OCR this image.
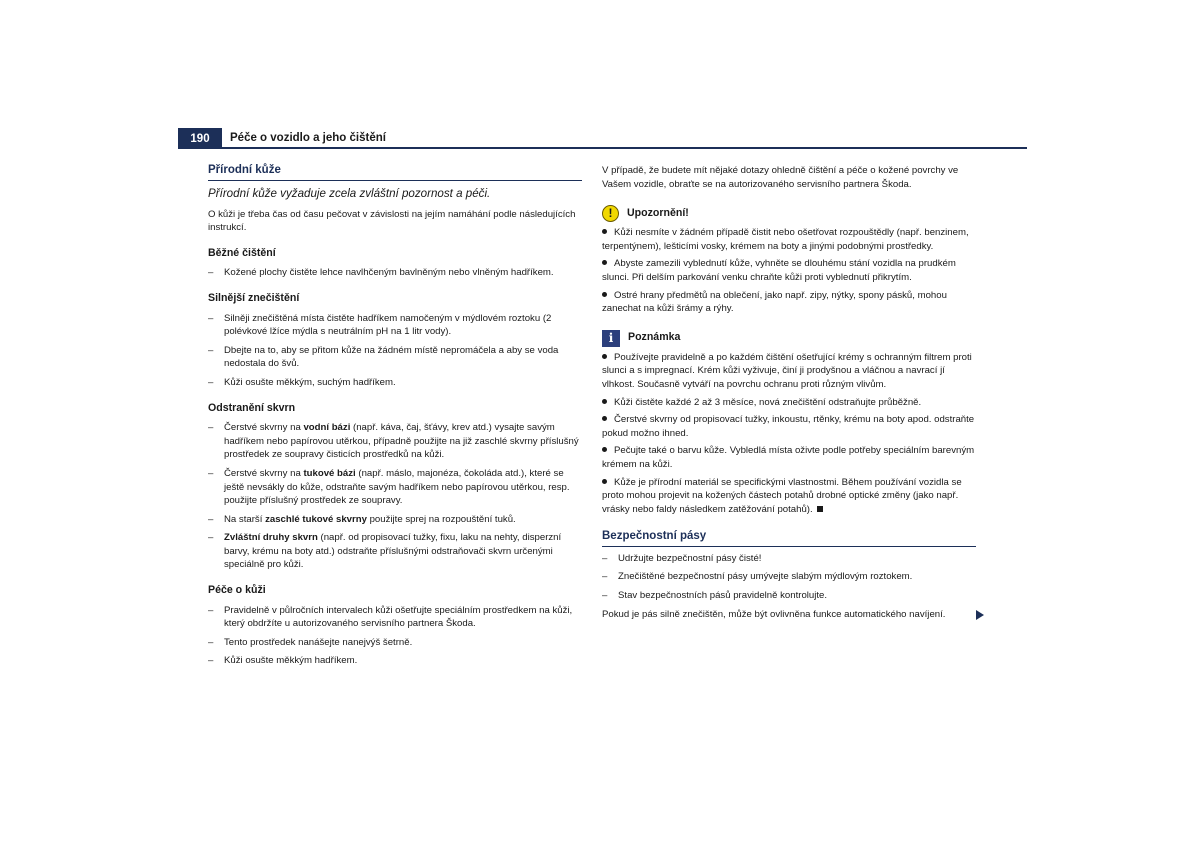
190	Péče o vozidlo a jeho čištění
Přírodní kůže
Přírodní kůže vyžaduje zcela zvláštní pozornost a péči.
O kůži je třeba čas od času pečovat v závislosti na jejím namáhání podle následujících instrukcí.
Běžné čištění
– Kožené plochy čistěte lehce navlhčeným bavlněným nebo vlněným hadříkem.
Silnější znečištění
– Silněji znečištěná místa čistěte hadříkem namočeným v mýdlovém roztoku (2 polévkové lžíce mýdla s neutrálním pH na 1 litr vody).
– Dbejte na to, aby se přitom kůže na žádném místě nepromáčela a aby se voda nedostala do švů.
– Kůži osušte měkkým, suchým hadříkem.
Odstranění skvrn
– Čerstvé skvrny na vodní bázi (např. káva, čaj, šťávy, krev atd.) vysajte savým hadříkem nebo papírovou utěrkou, případně použijte na již zaschlé skvrny příslušný prostředek ze soupravy čisticích prostředků na kůži.
– Čerstvé skvrny na tukové bázi (např. máslo, majonéza, čokoláda atd.), které se ještě nevsákly do kůže, odstraňte savým hadříkem nebo papírovou utěrkou, resp. použijte příslušný prostředek ze soupravy.
– Na starší zaschlé tukové skvrny použijte sprej na rozpouštění tuků.
– Zvláštní druhy skvrn (např. od propisovací tužky, fixu, laku na nehty, disperzní barvy, krému na boty atd.) odstraňte příslušnými odstraňovači skvrn určenými speciálně pro kůži.
Péče o kůži
– Pravidelně v půlročních intervalech kůži ošetřujte speciálním prostředkem na kůži, který obdržíte u autorizovaného servisního partnera Škoda.
– Tento prostředek nanášejte nanejvýš šetrně.
– Kůži osušte měkkým hadříkem.
V případě, že budete mít nějaké dotazy ohledně čištění a péče o kožené povrchy ve Vašem vozidle, obraťte se na autorizovaného servisního partnera Škoda.
!	Upozornění!
Kůži nesmíte v žádném případě čistit nebo ošetřovat rozpouštědly (např. benzinem, terpentýnem), lešticími vosky, krémem na boty a jinými podobnými prostředky.
Abyste zamezili vyblednutí kůže, vyhněte se dlouhému stání vozidla na prudkém slunci. Při delším parkování venku chraňte kůži proti vyblednutí přikrytím.
Ostré hrany předmětů na oblečení, jako např. zipy, nýtky, spony pásků, mohou zanechat na kůži šrámy a rýhy.
i	Poznámka
Používejte pravidelně a po každém čištění ošetřující krémy s ochranným filtrem proti slunci a s impregnací. Krém kůži vyživuje, činí ji prodyšnou a vláčnou a navrací jí vlhkost. Současně vytváří na povrchu ochranu proti různým vlivům.
Kůži čistěte každé 2 až 3 měsíce, nová znečištění odstraňujte průběžně.
Čerstvé skvrny od propisovací tužky, inkoustu, rtěnky, krému na boty apod. odstraňte pokud možno ihned.
Pečujte také o barvu kůže. Vybledlá místa oživte podle potřeby speciálním barevným krémem na kůži.
Kůže je přírodní materiál se specifickými vlastnostmi. Během používání vozidla se proto mohou projevit na kožených částech potahů drobné optické změny (jako např. vrásky nebo faldy následkem zatěžování potahů).
Bezpečnostní pásy
– Udržujte bezpečnostní pásy čisté!
– Znečištěné bezpečnostní pásy umývejte slabým mýdlovým roztokem.
– Stav bezpečnostních pásů pravidelně kontrolujte.
Pokud je pás silně znečištěn, může být ovlivněna funkce automatického navíjení.
